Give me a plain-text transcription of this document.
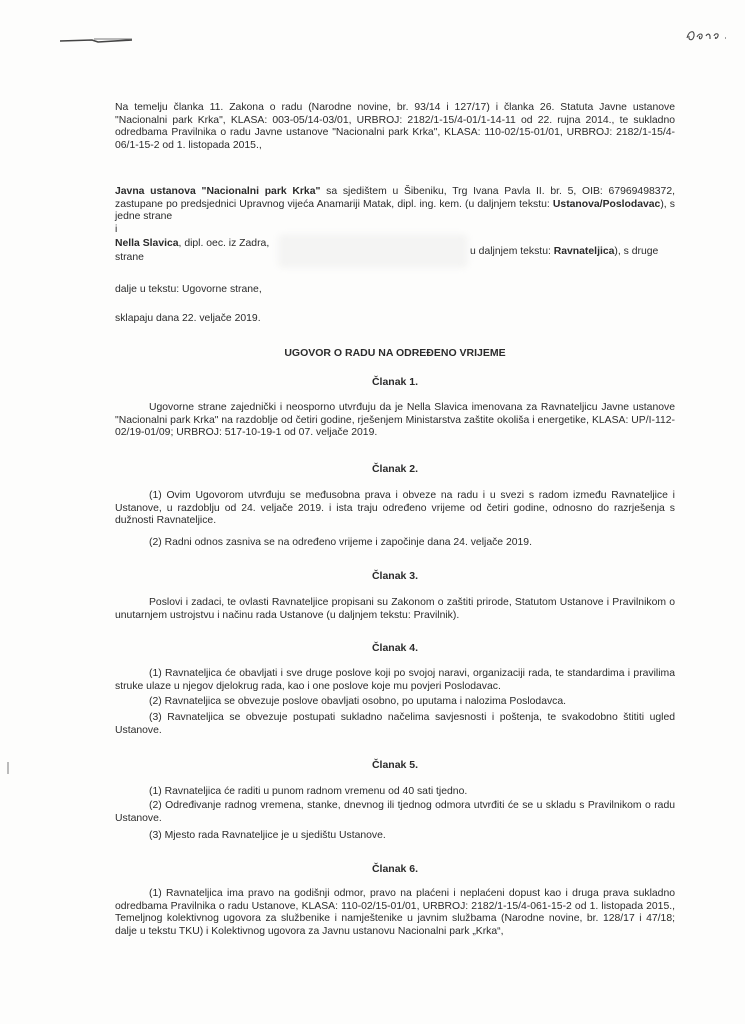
Na temelju članka 11. Zakona o radu (Narodne novine, br. 93/14 i 127/17) i članka 26. Statuta Javne ustanove "Nacionalni park Krka", KLASA: 003-05/14-03/01, URBROJ: 2182/1-15/4-01/1-14-11 od 22. rujna 2014., te sukladno odredbama Pravilnika o radu Javne ustanove "Nacionalni park Krka", KLASA: 110-02/15-01/01, URBROJ: 2182/1-15/4-06/1-15-2 od 1. listopada 2015.,

Javna ustanova "Nacionalni park Krka" sa sjedištem u Šibeniku, Trg Ivana Pavla II. br. 5, OIB: 67969498372, zastupane po predsjednici Upravnog vijeća Anamariji Matak, dipl. ing. kem. (u daljnjem tekstu: Ustanova/Poslodavac), s jedne strane

i

Nella Slavica, dipl. oec. iz Zadra,

u daljnjem tekstu: Ravnateljica), s druge

strane

dalje u tekstu: Ugovorne strane,

sklapaju dana 22. veljače 2019.

UGOVOR O RADU NA ODREĐENO VRIJEME

Članak 1.

Ugovorne strane zajednički i neosporno utvrđuju da je Nella Slavica imenovana za Ravnateljicu Javne ustanove "Nacionalni park Krka" na razdoblje od četiri godine, rješenjem Ministarstva zaštite okoliša i energetike, KLASA: UP/I-112-02/19-01/09; URBROJ: 517-10-19-1 od 07. veljače 2019.

Članak 2.

(1) Ovim Ugovorom utvrđuju se međusobna prava i obveze na radu i u svezi s radom između Ravnateljice i Ustanove, u razdoblju od 24. veljače 2019. i ista traju određeno vrijeme od četiri godine, odnosno do razrješenja s dužnosti Ravnateljice.

(2) Radni odnos zasniva se na određeno vrijeme i započinje dana 24. veljače 2019.

Članak 3.

Poslovi i zadaci, te ovlasti Ravnateljice propisani su Zakonom o zaštiti prirode, Statutom Ustanove i Pravilnikom o unutarnjem ustrojstvu i načinu rada Ustanove (u daljnjem tekstu: Pravilnik).

Članak 4.

(1) Ravnateljica će obavljati i sve druge poslove koji po svojoj naravi, organizaciji rada, te standardima i pravilima struke ulaze u njegov djelokrug rada, kao i one poslove koje mu povjeri Poslodavac.

(2) Ravnateljica se obvezuje poslove obavljati osobno, po uputama i nalozima Poslodavca.

(3) Ravnateljica se obvezuje postupati sukladno načelima savjesnosti i poštenja, te svakodobno štititi ugled Ustanove.

Članak 5.

(1) Ravnateljica će raditi u punom radnom vremenu od 40 sati tjedno.

(2) Određivanje radnog vremena, stanke, dnevnog ili tjednog odmora utvrđiti će se u skladu s Pravilnikom o radu Ustanove.

(3) Mjesto rada Ravnateljice je u sjedištu Ustanove.

Članak 6.

(1) Ravnateljica ima pravo na godišnji odmor, pravo na plaćeni i neplaćeni dopust kao i druga prava sukladno odredbama Pravilnika o radu Ustanove, KLASA: 110-02/15-01/01, URBROJ: 2182/1-15/4-061-15-2 od 1. listopada 2015., Temeljnog kolektivnog ugovora za službenike i namještenike u javnim službama (Narodne novine, br. 128/17 i 47/18; dalje u tekstu TKU) i Kolektivnog ugovora za Javnu ustanovu Nacionalni park „Krka“,
